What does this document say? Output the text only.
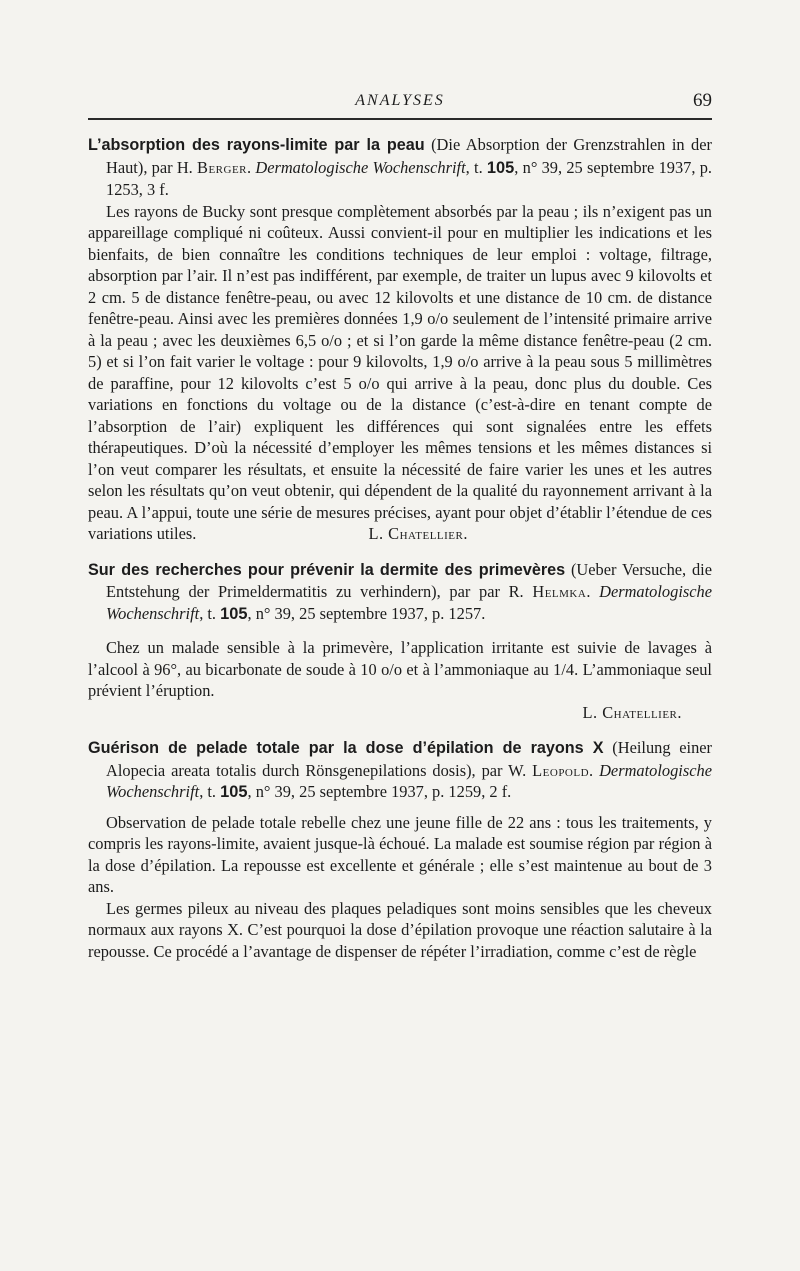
ANALYSES	69

L’absorption des rayons-limite par la peau (Die Absorption der Grenzstrahlen in der Haut), par H. Berger. Dermatologische Wochenschrift, t. 105, n° 39, 25 septembre 1937, p. 1253, 3 f.

Les rayons de Bucky sont presque complètement absorbés par la peau ; ils n’exigent pas un appareillage compliqué ni coûteux. Aussi convient-il pour en multiplier les indications et les bienfaits, de bien connaître les conditions techniques de leur emploi : voltage, filtrage, absorption par l’air. Il n’est pas indifférent, par exemple, de traiter un lupus avec 9 kilovolts et 2 cm. 5 de distance fenêtre-peau, ou avec 12 kilovolts et une distance de 10 cm. de distance fenêtre-peau. Ainsi avec les premières données 1,9 o/o seulement de l’intensité primaire arrive à la peau ; avec les deuxièmes 6,5 o/o ; et si l’on garde la même distance fenêtre-peau (2 cm. 5) et si l’on fait varier le voltage : pour 9 kilovolts, 1,9 o/o arrive à la peau sous 5 millimètres de paraffine, pour 12 kilovolts c’est 5 o/o qui arrive à la peau, donc plus du double. Ces variations en fonctions du voltage ou de la distance (c’est-à-dire en tenant compte de l’absorption de l’air) expliquent les différences qui sont signalées entre les effets thérapeutiques. D’où la nécessité d’employer les mêmes tensions et les mêmes distances si l’on veut comparer les résultats, et ensuite la nécessité de faire varier les unes et les autres selon les résultats qu’on veut obtenir, qui dépendent de la qualité du rayonnement arrivant à la peau. A l’appui, toute une série de mesures précises, ayant pour objet d’établir l’étendue de ces variations utiles.	L. Chatellier.

Sur des recherches pour prévenir la dermite des primevères (Ueber Versuche, die Entstehung der Primeldermatitis zu verhindern), par par R. Helmka. Dermatologische Wochenschrift, t. 105, n° 39, 25 septembre 1937, p. 1257.

Chez un malade sensible à la primevère, l’application irritante est suivie de lavages à l’alcool à 96°, au bicarbonate de soude à 10 o/o et à l’ammoniaque au 1/4. L’ammoniaque seul prévient l’éruption.

L. Chatellier.

Guérison de pelade totale par la dose d’épilation de rayons X (Heilung einer Alopecia areata totalis durch Rönsgenepilations dosis), par W. Leopold. Dermatologische Wochenschrift, t. 105, n° 39, 25 septembre 1937, p. 1259, 2 f.

Observation de pelade totale rebelle chez une jeune fille de 22 ans : tous les traitements, y compris les rayons-limite, avaient jusque-là échoué. La malade est soumise région par région à la dose d’épilation. La repousse est excellente et générale ; elle s’est maintenue au bout de 3 ans.

Les germes pileux au niveau des plaques peladiques sont moins sensibles que les cheveux normaux aux rayons X. C’est pourquoi la dose d’épilation provoque une réaction salutaire à la repousse. Ce procédé a l’avantage de dispenser de répéter l’irradiation, comme c’est de règle
